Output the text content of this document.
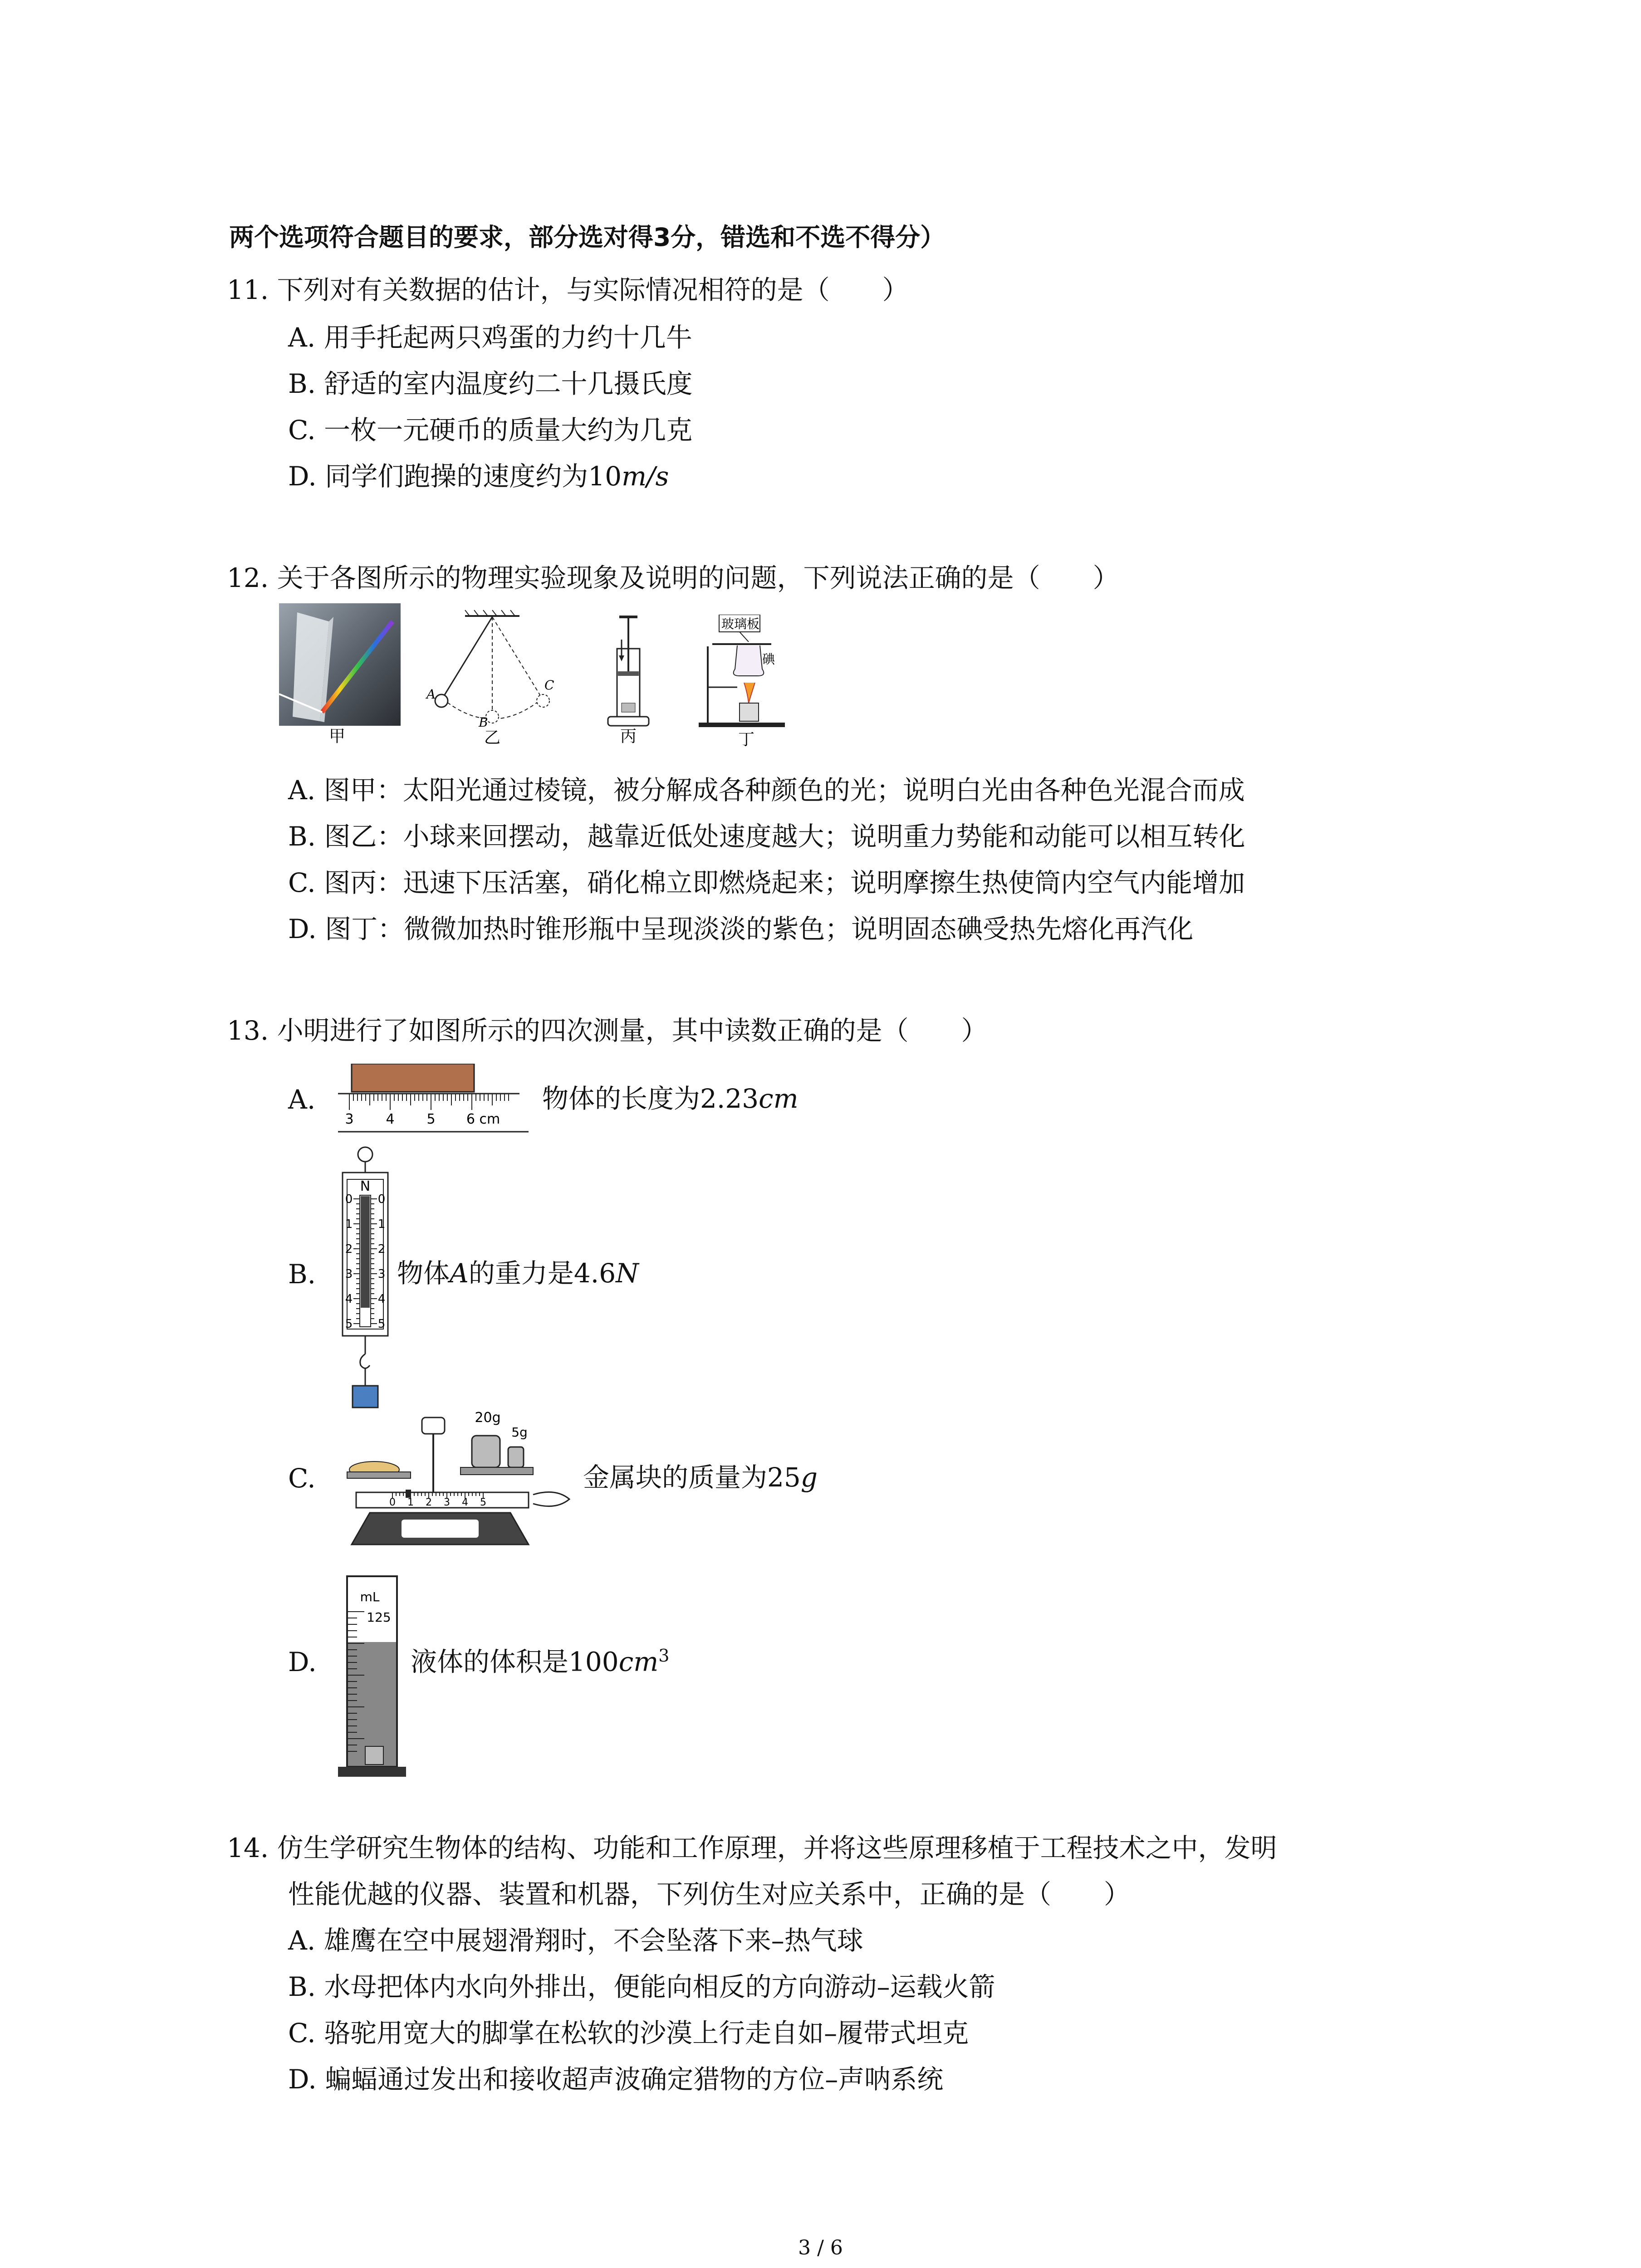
两个选项符合题目的要求，部分选对得3分，错选和不选不得分）
11. 下列对有关数据的估计，与实际情况相符的是（　　）
A. 用手托起两只鸡蛋的力约十几牛
B. 舒适的室内温度约二十几摄氏度
C. 一枚一元硬币的质量大约为几克
D. 同学们跑操的速度约为10m/s
12. 关于各图所示的物理实验现象及说明的问题，下列说法正确的是（　　）
甲
A
B
C
乙	丙
玻璃板
碘
丁
A. 图甲：太阳光通过棱镜，被分解成各种颜色的光；说明白光由各种色光混合而成
B. 图乙：小球来回摆动，越靠近低处速度越大；说明重力势能和动能可以相互转化
C. 图丙：迅速下压活塞，硝化棉立即燃烧起来；说明摩擦生热使筒内空气内能增加
D. 图丁：微微加热时锥形瓶中呈现淡淡的紫色；说明固态碘受热先熔化再汽化
13. 小明进行了如图所示的四次测量，其中读数正确的是（　　）
A.
3 4 5 6 cm
物体的长度为2.23cm
B.
N
0 0
1 1
2 2
3 3
4 4
5 5
物体A的重力是4.6N
C.
20g
5g
0 1 2 3 4 5
金属块的质量为25g
D.
mL
125
液体的体积是$100cm^3$
14. 仿生学研究生物体的结构、功能和工作原理，并将这些原理移植于工程技术之中，发明
性能优越的仪器、装置和机器，下列仿生对应关系中，正确的是（　　）
A. 雄鹰在空中展翅滑翔时，不会坠落下来–热气球
B. 水母把体内水向外排出，便能向相反的方向游动–运载火箭
C. 骆驼用宽大的脚掌在松软的沙漠上行走自如–履带式坦克
D. 蝙蝠通过发出和接收超声波确定猎物的方位–声呐系统
3 / 6
